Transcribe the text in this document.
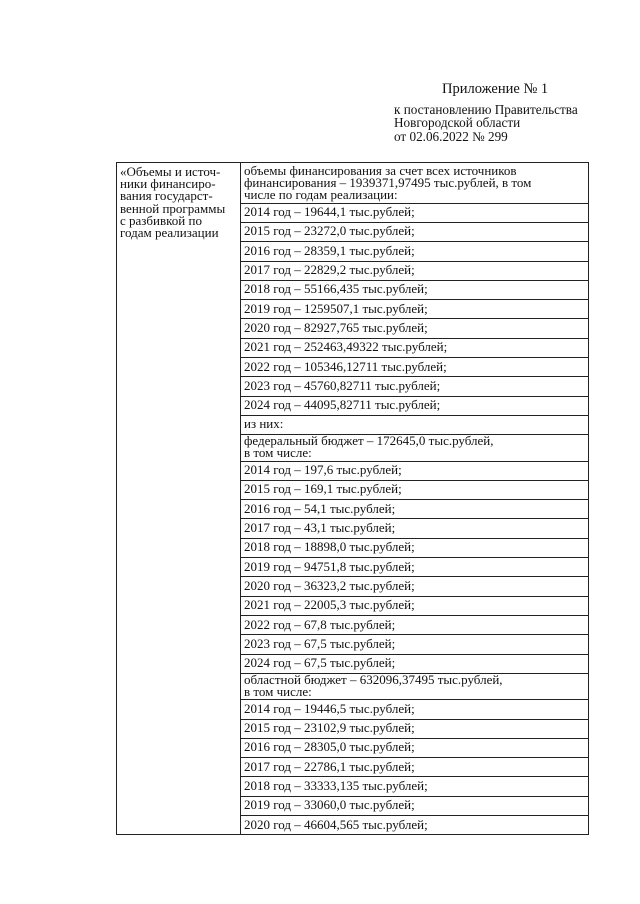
Приложение № 1
к постановлению Правительства
Новгородской области
от 02.06.2022 № 299
«Объемы и источ-
ники финансиро-
вания государст-
венной программы
с разбивкой по
годам реализации

объемы финансирования за счет всех источников
финансирования – 1939371,97495 тыс.рублей, в том
числе по годам реализации:
2014 год – 19644,1 тыс.рублей;
2015 год – 23272,0 тыс.рублей;
2016 год – 28359,1 тыс.рублей;
2017 год – 22829,2 тыс.рублей;
2018 год – 55166,435 тыс.рублей;
2019 год – 1259507,1 тыс.рублей;
2020 год – 82927,765 тыс.рублей;
2021 год – 252463,49322 тыс.рублей;
2022 год – 105346,12711 тыс.рублей;
2023 год – 45760,82711 тыс.рублей;
2024 год – 44095,82711 тыс.рублей;
из них:
федеральный бюджет – 172645,0 тыс.рублей,
в том числе:
2014 год – 197,6 тыс.рублей;
2015 год – 169,1 тыс.рублей;
2016 год – 54,1 тыс.рублей;
2017 год – 43,1 тыс.рублей;
2018 год – 18898,0 тыс.рублей;
2019 год – 94751,8 тыс.рублей;
2020 год – 36323,2 тыс.рублей;
2021 год – 22005,3 тыс.рублей;
2022 год – 67,8 тыс.рублей;
2023 год – 67,5 тыс.рублей;
2024 год – 67,5 тыс.рублей;
областной бюджет – 632096,37495 тыс.рублей,
в том числе:
2014 год – 19446,5 тыс.рублей;
2015 год – 23102,9 тыс.рублей;
2016 год – 28305,0 тыс.рублей;
2017 год – 22786,1 тыс.рублей;
2018 год – 33333,135 тыс.рублей;
2019 год – 33060,0 тыс.рублей;
2020 год – 46604,565 тыс.рублей;
